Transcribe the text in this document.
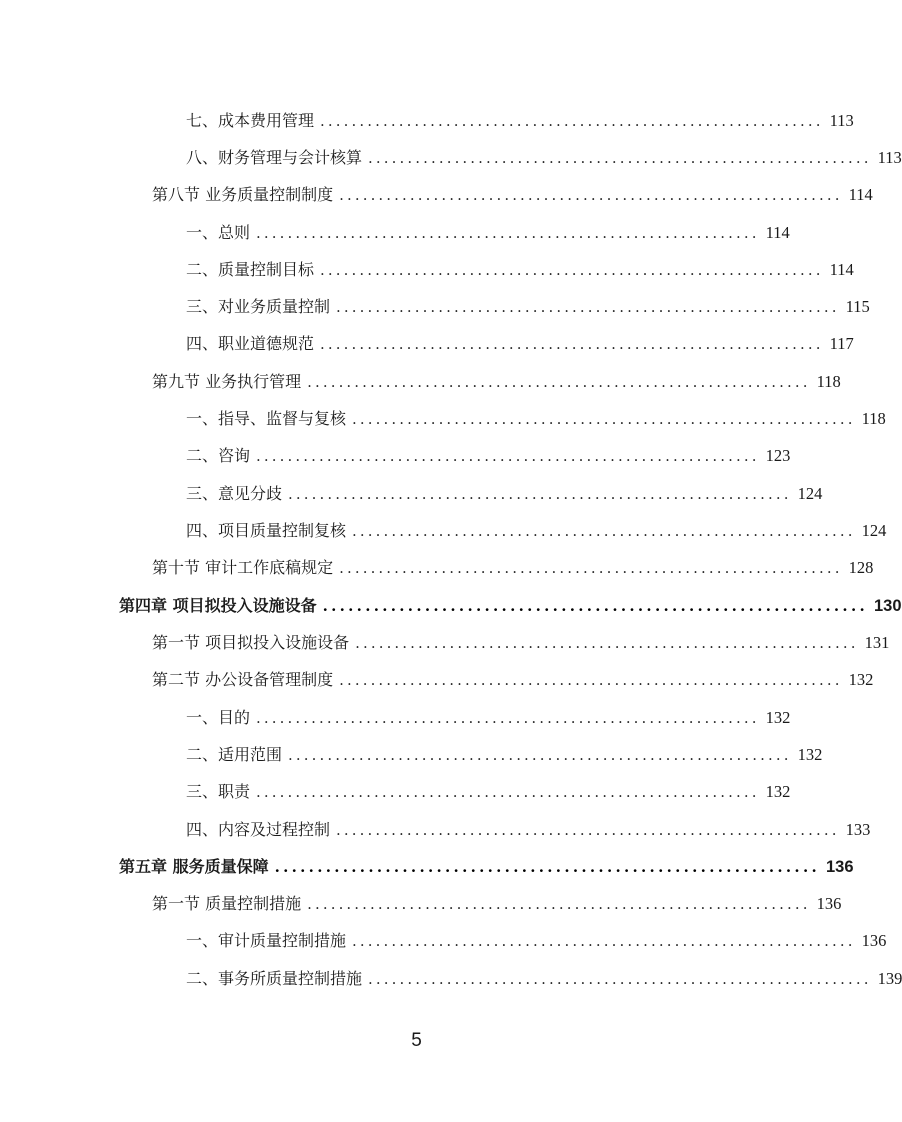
七、成本费用管理 ................................................................ 113
八、财务管理与会计核算 ................................................................ 113
第八节 业务质量控制制度 ................................................................ 114
一、总则 ................................................................ 114
二、质量控制目标 ................................................................ 114
三、对业务质量控制 ................................................................ 115
四、职业道德规范 ................................................................ 117
第九节 业务执行管理 ................................................................ 118
一、指导、监督与复核 ................................................................ 118
二、咨询 ................................................................ 123
三、意见分歧 ................................................................ 124
四、项目质量控制复核 ................................................................ 124
第十节 审计工作底稿规定 ................................................................ 128
第四章 项目拟投入设施设备 ................................................................ 130
第一节 项目拟投入设施设备 ................................................................ 131
第二节 办公设备管理制度 ................................................................ 132
一、目的 ................................................................ 132
二、适用范围 ................................................................ 132
三、职责 ................................................................ 132
四、内容及过程控制 ................................................................ 133
第五章 服务质量保障 ................................................................ 136
第一节 质量控制措施 ................................................................ 136
一、审计质量控制措施 ................................................................ 136
二、事务所质量控制措施 ................................................................ 139
5
